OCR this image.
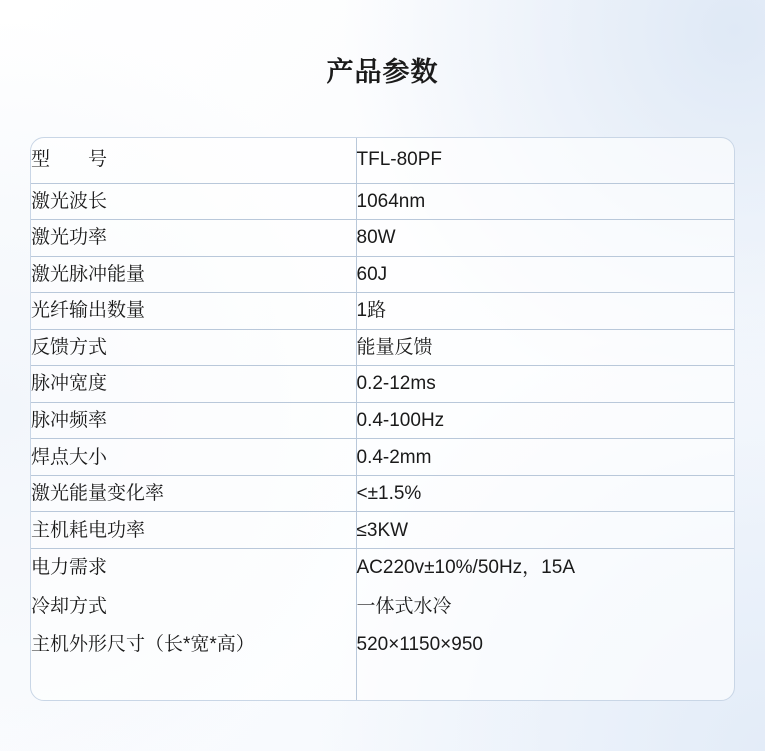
产品参数
型　　号	TFL-80PF
激光波长	1064nm
激光功率	80W
激光脉冲能量	60J
光纤输出数量	1路
反馈方式	能量反馈
脉冲宽度	0.2-12ms
脉冲频率	0.4-100Hz
焊点大小	0.4-2mm
激光能量变化率	<±1.5%
主机耗电功率	≤3KW
电力需求	AC220v±10%/50Hz，15A
冷却方式	一体式水冷
主机外形尺寸（长*宽*高）	520×1150×950
